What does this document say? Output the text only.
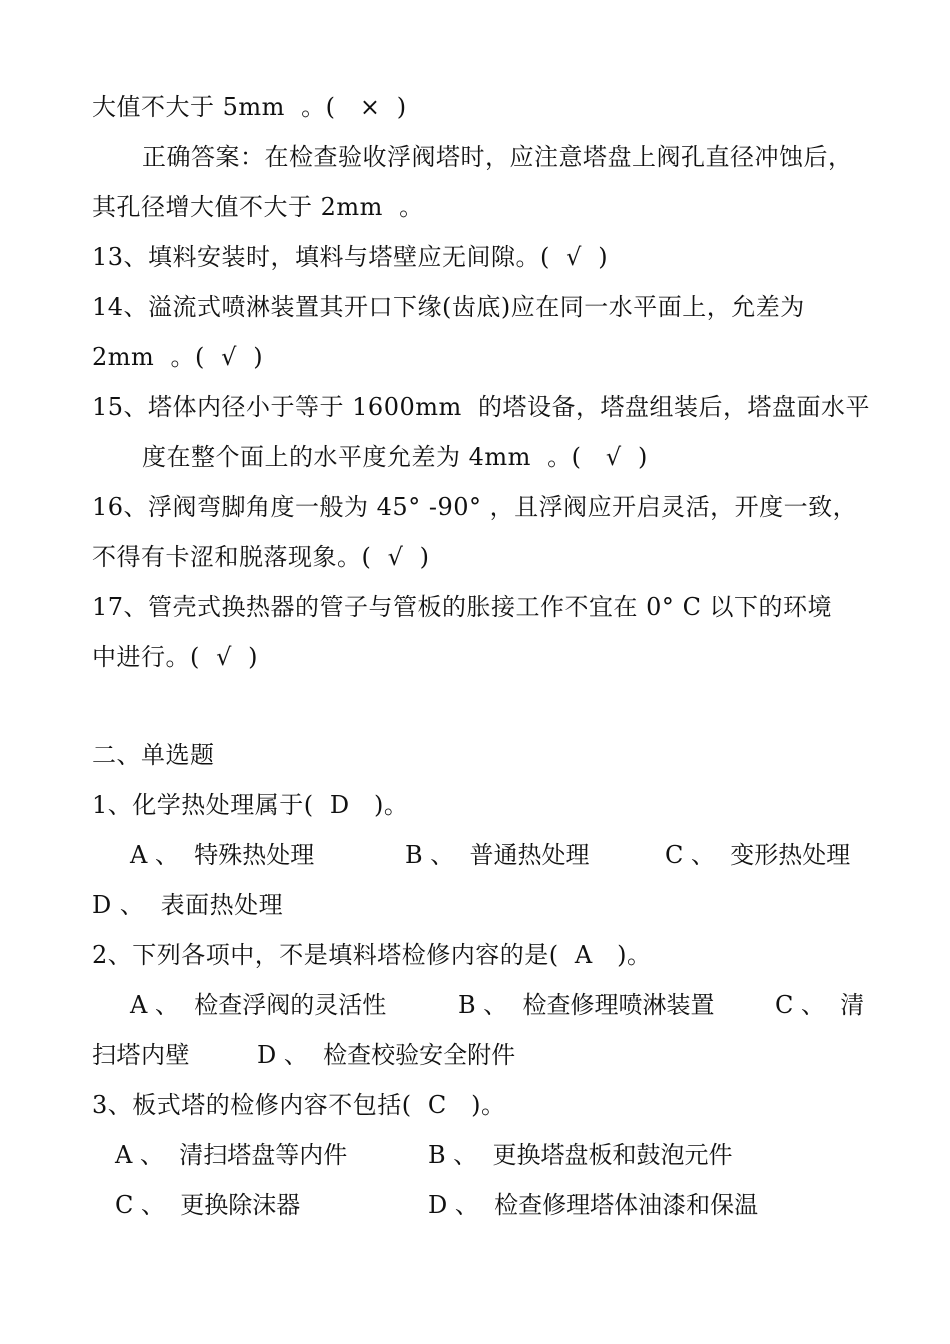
大值不大于 5mm  。(   ×  )
正确答案：在检查验收浮阀塔时，应注意塔盘上阀孔直径冲蚀后，
其孔径增大值不大于 2mm  。
13、填料安装时，填料与塔壁应无间隙。(  √  )
14、溢流式喷淋装置其开口下缘(齿底)应在同一水平面上，允差为
2mm  。(  √  )
15、塔体内径小于等于 1600mm  的塔设备，塔盘组装后，塔盘面水平
度在整个面上的水平度允差为 4mm  。(   √  )
16、浮阀弯脚角度一般为 45° -90° ，且浮阀应开启灵活，开度一致，
不得有卡涩和脱落现象。(  √  )
17、管壳式换热器的管子与管板的胀接工作不宜在 0° C 以下的环境
中进行。(  √  )
二、单选题
1、化学热处理属于(  D   )。
A 、  特殊热处理	B 、  普通热处理	C 、  变形热处理
D 、  表面热处理
2、下列各项中，不是填料塔检修内容的是(  A   )。
A 、  检查浮阀的灵活性	B 、  检查修理喷淋装置	C 、  清
扫塔内壁	D 、  检查校验安全附件
3、板式塔的检修内容不包括(  C   )。
A 、  清扫塔盘等内件	B 、  更换塔盘板和鼓泡元件
C 、  更换除沫器	D 、  检查修理塔体油漆和保温
